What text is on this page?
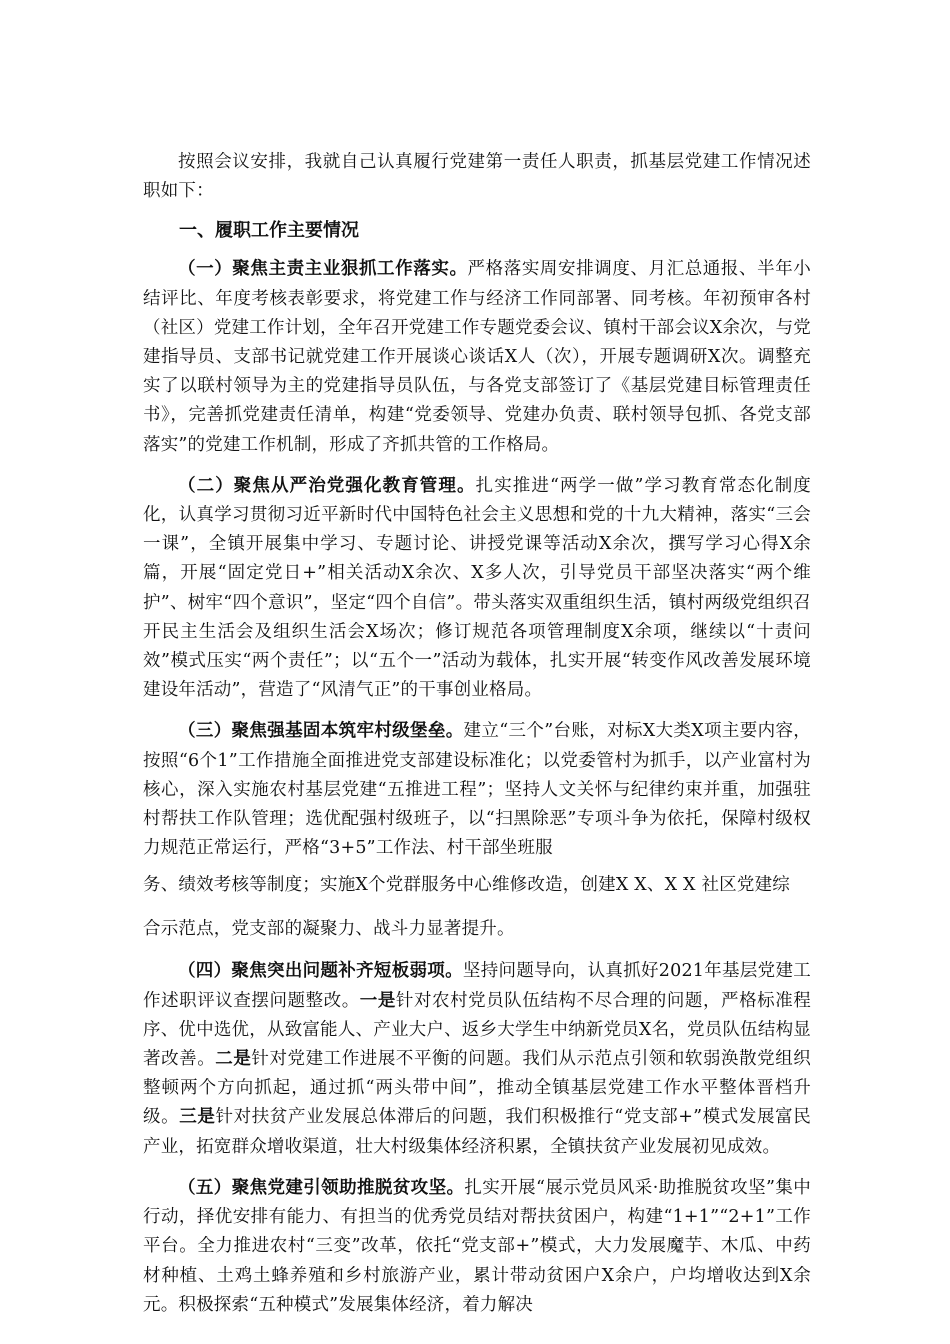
按照会议安排，我就自己认真履行党建第一责任人职责，抓基层党建工作情况述职如下：

一、履职工作主要情况

（一）聚焦主责主业狠抓工作落实。严格落实周安排调度、月汇总通报、半年小结评比、年度考核表彰要求，将党建工作与经济工作同部署、同考核。年初预审各村（社区）党建工作计划，全年召开党建工作专题党委会议、镇村干部会议X余次，与党建指导员、支部书记就党建工作开展谈心谈话X人（次），开展专题调研X次。调整充实了以联村领导为主的党建指导员队伍，与各党支部签订了《基层党建目标管理责任书》，完善抓党建责任清单，构建“党委领导、党建办负责、联村领导包抓、各党支部落实”的党建工作机制，形成了齐抓共管的工作格局。

（二）聚焦从严治党强化教育管理。扎实推进“两学一做”学习教育常态化制度化，认真学习贯彻习近平新时代中国特色社会主义思想和党的十九大精神，落实“三会一课”，全镇开展集中学习、专题讨论、讲授党课等活动X余次，撰写学习心得X余篇，开展“固定党日+”相关活动X余次、X多人次，引导党员干部坚决落实“两个维护”、树牢“四个意识”，坚定“四个自信”。带头落实双重组织生活，镇村两级党组织召开民主生活会及组织生活会X场次；修订规范各项管理制度X余项，继续以“十责问效”模式压实“两个责任”；以“五个一”活动为载体，扎实开展“转变作风改善发展环境建设年活动”，营造了“风清气正”的干事创业格局。

（三）聚焦强基固本筑牢村级堡垒。建立“三个”台账，对标X大类X项主要内容，按照“6个1”工作措施全面推进党支部建设标准化；以党委管村为抓手，以产业富村为核心，深入实施农村基层党建“五推进工程”；坚持人文关怀与纪律约束并重，加强驻村帮扶工作队管理；选优配强村级班子，以“扫黑除恶”专项斗争为依托，保障村级权力规范正常运行，严格“3+5”工作法、村干部坐班服

务、绩效考核等制度；实施X个党群服务中心维修改造，创建X X、X X 社区党建综

合示范点，党支部的凝聚力、战斗力显著提升。

（四）聚焦突出问题补齐短板弱项。坚持问题导向，认真抓好2021年基层党建工作述职评议查摆问题整改。一是针对农村党员队伍结构不尽合理的问题，严格标准程序、优中选优，从致富能人、产业大户、返乡大学生中纳新党员X名，党员队伍结构显著改善。二是针对党建工作进展不平衡的问题。我们从示范点引领和软弱涣散党组织整顿两个方向抓起，通过抓“两头带中间”，推动全镇基层党建工作水平整体晋档升级。三是针对扶贫产业发展总体滞后的问题，我们积极推行“党支部+”模式发展富民产业，拓宽群众增收渠道，壮大村级集体经济积累，全镇扶贫产业发展初见成效。

（五）聚焦党建引领助推脱贫攻坚。扎实开展“展示党员风采·助推脱贫攻坚”集中行动，择优安排有能力、有担当的优秀党员结对帮扶贫困户，构建“1+1”“2+1”工作平台。全力推进农村“三变”改革，依托“党支部+”模式，大力发展魔芋、木瓜、中药材种植、土鸡土蜂养殖和乡村旅游产业，累计带动贫困户X余户，户均增收达到X余元。积极探索“五种模式”发展集体经济，着力解决
